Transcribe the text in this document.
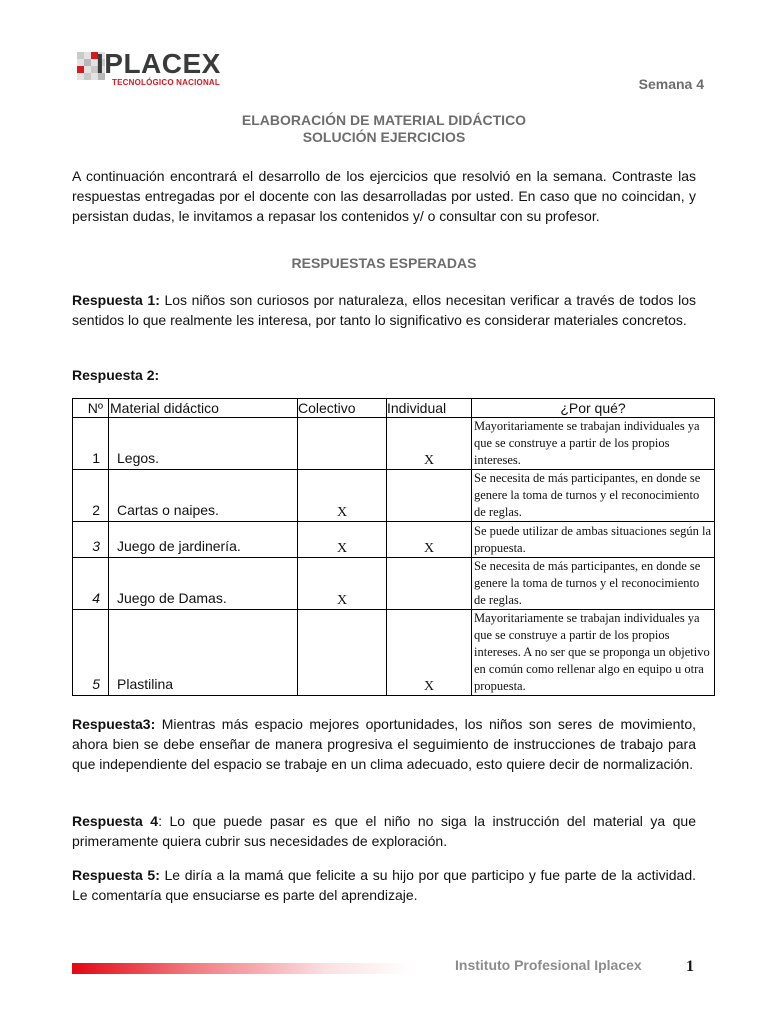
IPLACEX
TECNOLÓGICO NACIONAL	Semana 4
ELABORACIÓN DE MATERIAL DIDÁCTICO
SOLUCIÓN EJERCICIOS
A continuación encontrará el desarrollo de los ejercicios que resolvió en la semana. Contraste las respuestas entregadas por el docente con las desarrolladas por usted. En caso que no coincidan, y persistan dudas, le invitamos a repasar los contenidos y/ o consultar con su profesor.
RESPUESTAS ESPERADAS
Respuesta 1: Los niños son curiosos por naturaleza, ellos necesitan verificar a través de todos los sentidos lo que realmente les interesa, por tanto lo significativo es considerar materiales concretos.
Respuesta 2:
Nº	Material didáctico	Colectivo	Individual	¿Por qué?
1	Legos.		X	Mayoritariamente se trabajan individuales ya que se construye a partir de los propios intereses.
2	Cartas o naipes.	X		Se necesita de más participantes, en donde se genere la toma de turnos y el reconocimiento de reglas.
3	Juego de jardinería.	X	X	Se puede utilizar de ambas situaciones según la propuesta.
4	Juego de Damas.	X		Se necesita de más participantes, en donde se genere la toma de turnos y el reconocimiento de reglas.
5	Plastilina		X	Mayoritariamente se trabajan individuales ya que se construye a partir de los propios intereses. A no ser que se proponga un objetivo en común como rellenar algo en equipo u otra propuesta.
Respuesta3: Mientras más espacio mejores oportunidades, los niños son seres de movimiento, ahora bien se debe enseñar de manera progresiva el seguimiento de instrucciones de trabajo para que independiente del espacio se trabaje en un clima adecuado, esto quiere decir de normalización.
Respuesta 4: Lo que puede pasar es que el niño no siga la instrucción del material ya que primeramente quiera cubrir sus necesidades de exploración.
Respuesta 5: Le diría a la mamá que felicite a su hijo por que participo y fue parte de la actividad. Le comentaría que ensuciarse es parte del aprendizaje.
Instituto Profesional Iplacex	1
